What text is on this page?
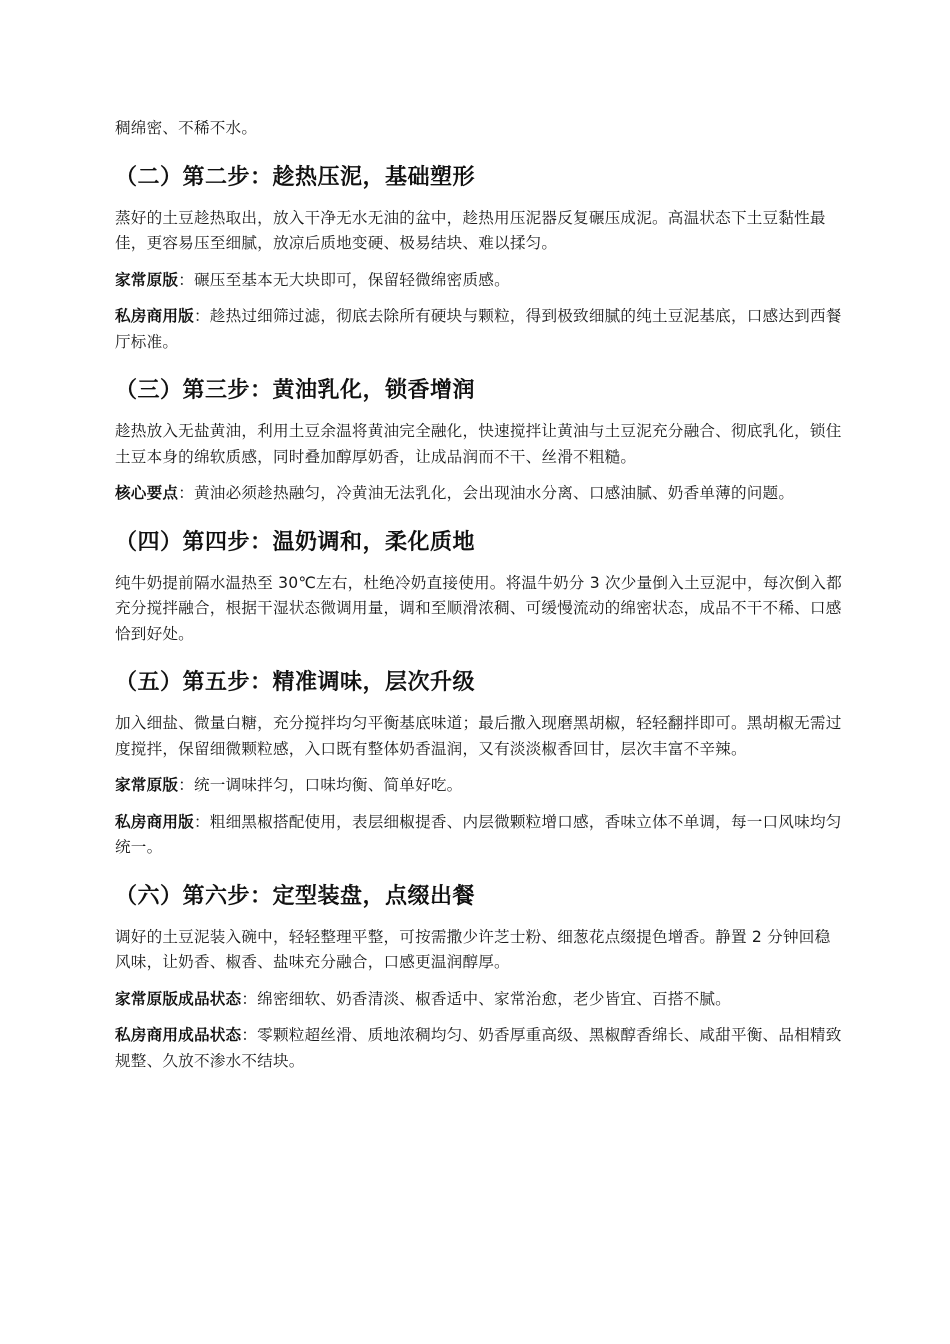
稠绵密、不稀不水。

（二）第二步：趁热压泥，基础塑形

蒸好的土豆趁热取出，放入干净无水无油的盆中，趁热用压泥器反复碾压成泥。高温状态下土豆黏性最佳，更容易压至细腻，放凉后质地变硬、极易结块、难以揉匀。

家常原版：碾压至基本无大块即可，保留轻微绵密质感。

私房商用版：趁热过细筛过滤，彻底去除所有硬块与颗粒，得到极致细腻的纯土豆泥基底，口感达到西餐厅标准。

（三）第三步：黄油乳化，锁香增润

趁热放入无盐黄油，利用土豆余温将黄油完全融化，快速搅拌让黄油与土豆泥充分融合、彻底乳化，锁住土豆本身的绵软质感，同时叠加醇厚奶香，让成品润而不干、丝滑不粗糙。

核心要点：黄油必须趁热融匀，冷黄油无法乳化，会出现油水分离、口感油腻、奶香单薄的问题。

（四）第四步：温奶调和，柔化质地

纯牛奶提前隔水温热至 30℃左右，杜绝冷奶直接使用。将温牛奶分 3 次少量倒入土豆泥中，每次倒入都充分搅拌融合，根据干湿状态微调用量，调和至顺滑浓稠、可缓慢流动的绵密状态，成品不干不稀、口感恰到好处。

（五）第五步：精准调味，层次升级

加入细盐、微量白糖，充分搅拌均匀平衡基底味道；最后撒入现磨黑胡椒，轻轻翻拌即可。黑胡椒无需过度搅拌，保留细微颗粒感，入口既有整体奶香温润，又有淡淡椒香回甘，层次丰富不辛辣。

家常原版：统一调味拌匀，口味均衡、简单好吃。

私房商用版：粗细黑椒搭配使用，表层细椒提香、内层微颗粒增口感，香味立体不单调，每一口风味均匀统一。

（六）第六步：定型装盘，点缀出餐

调好的土豆泥装入碗中，轻轻整理平整，可按需撒少许芝士粉、细葱花点缀提色增香。静置 2 分钟回稳风味，让奶香、椒香、盐味充分融合，口感更温润醇厚。

家常原版成品状态：绵密细软、奶香清淡、椒香适中、家常治愈，老少皆宜、百搭不腻。

私房商用成品状态：零颗粒超丝滑、质地浓稠均匀、奶香厚重高级、黑椒醇香绵长、咸甜平衡、品相精致规整、久放不渗水不结块。
